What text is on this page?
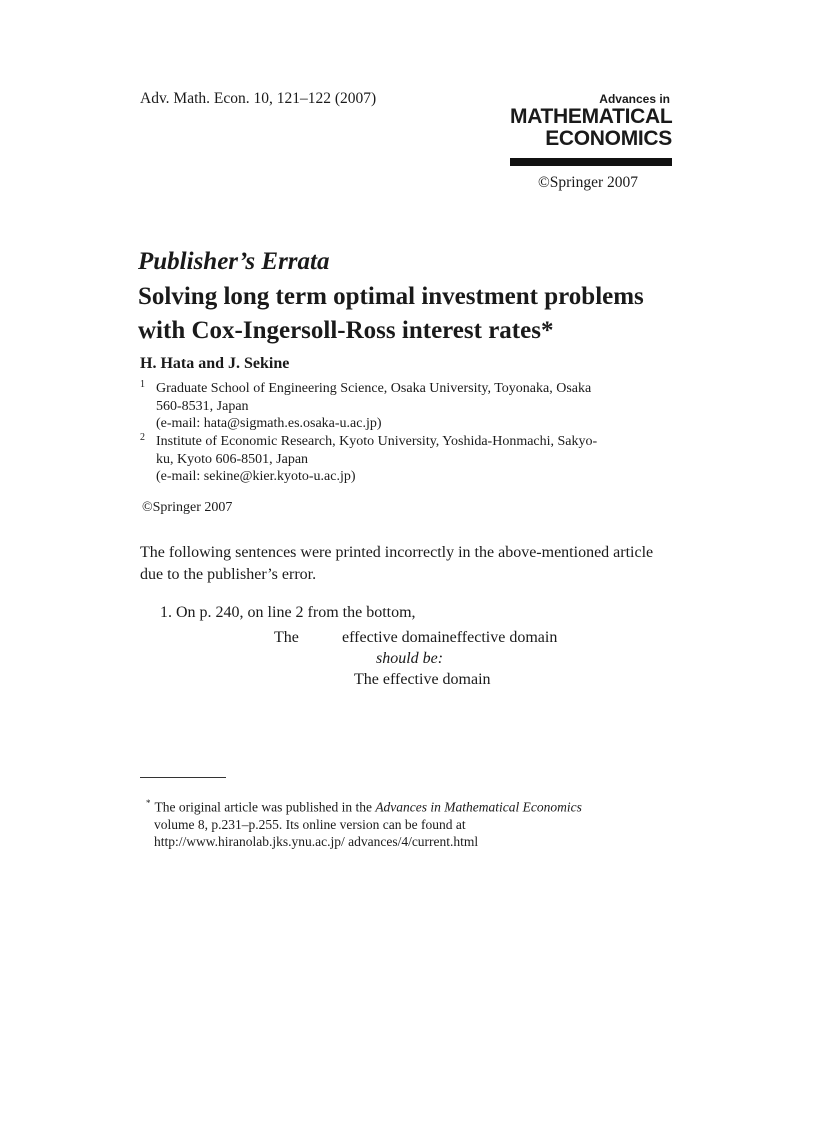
Adv. Math. Econ. 10, 121–122 (2007)	Advances in
MATHEMATICAL
ECONOMICS
©Springer 2007
Publisher’s Errata
Solving long term optimal investment problems
with Cox-Ingersoll-Ross interest rates*
H. Hata and J. Sekine
1 Graduate School of Engineering Science, Osaka University, Toyonaka, Osaka
560-8531, Japan
(e-mail: hata@sigmath.es.osaka-u.ac.jp)
2 Institute of Economic Research, Kyoto University, Yoshida-Honmachi, Sakyo-
ku, Kyoto 606-8501, Japan
(e-mail: sekine@kier.kyoto-u.ac.jp)
©Springer 2007
The following sentences were printed incorrectly in the above-mentioned article due to the publisher’s error.
1. On p. 240, on line 2 from the bottom,
The	effective domaineffective domain
should be:
The effective domain
* The original article was published in the Advances in Mathematical Economics
volume 8, p.231–p.255. Its online version can be found at
http://www.hiranolab.jks.ynu.ac.jp/ advances/4/current.html
